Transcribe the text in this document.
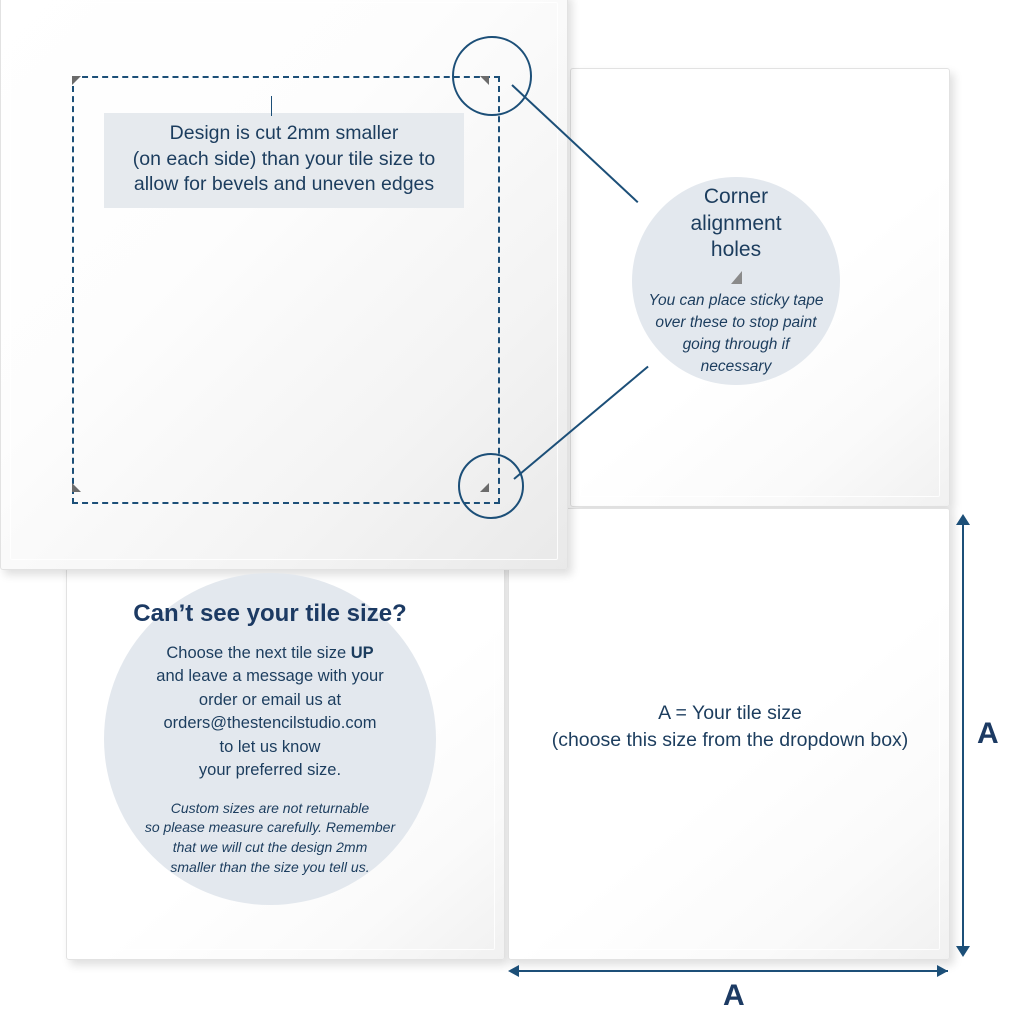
Design is cut 2mm smaller
(on each side) than your tile size to
allow for bevels and uneven edges
Corner
alignment
holes
You can place sticky tape
over these to stop paint
going through if
necessary
Can’t see your tile size?
Choose the next tile size UP
and leave a message with your
order or email us at
orders@thestencilstudio.com
to let us know
your preferred size.
Custom sizes are not returnable
so please measure carefully. Remember
that we will cut the design 2mm
smaller than the size you tell us.
A = Your tile size
(choose this size from the dropdown box)	A
A
